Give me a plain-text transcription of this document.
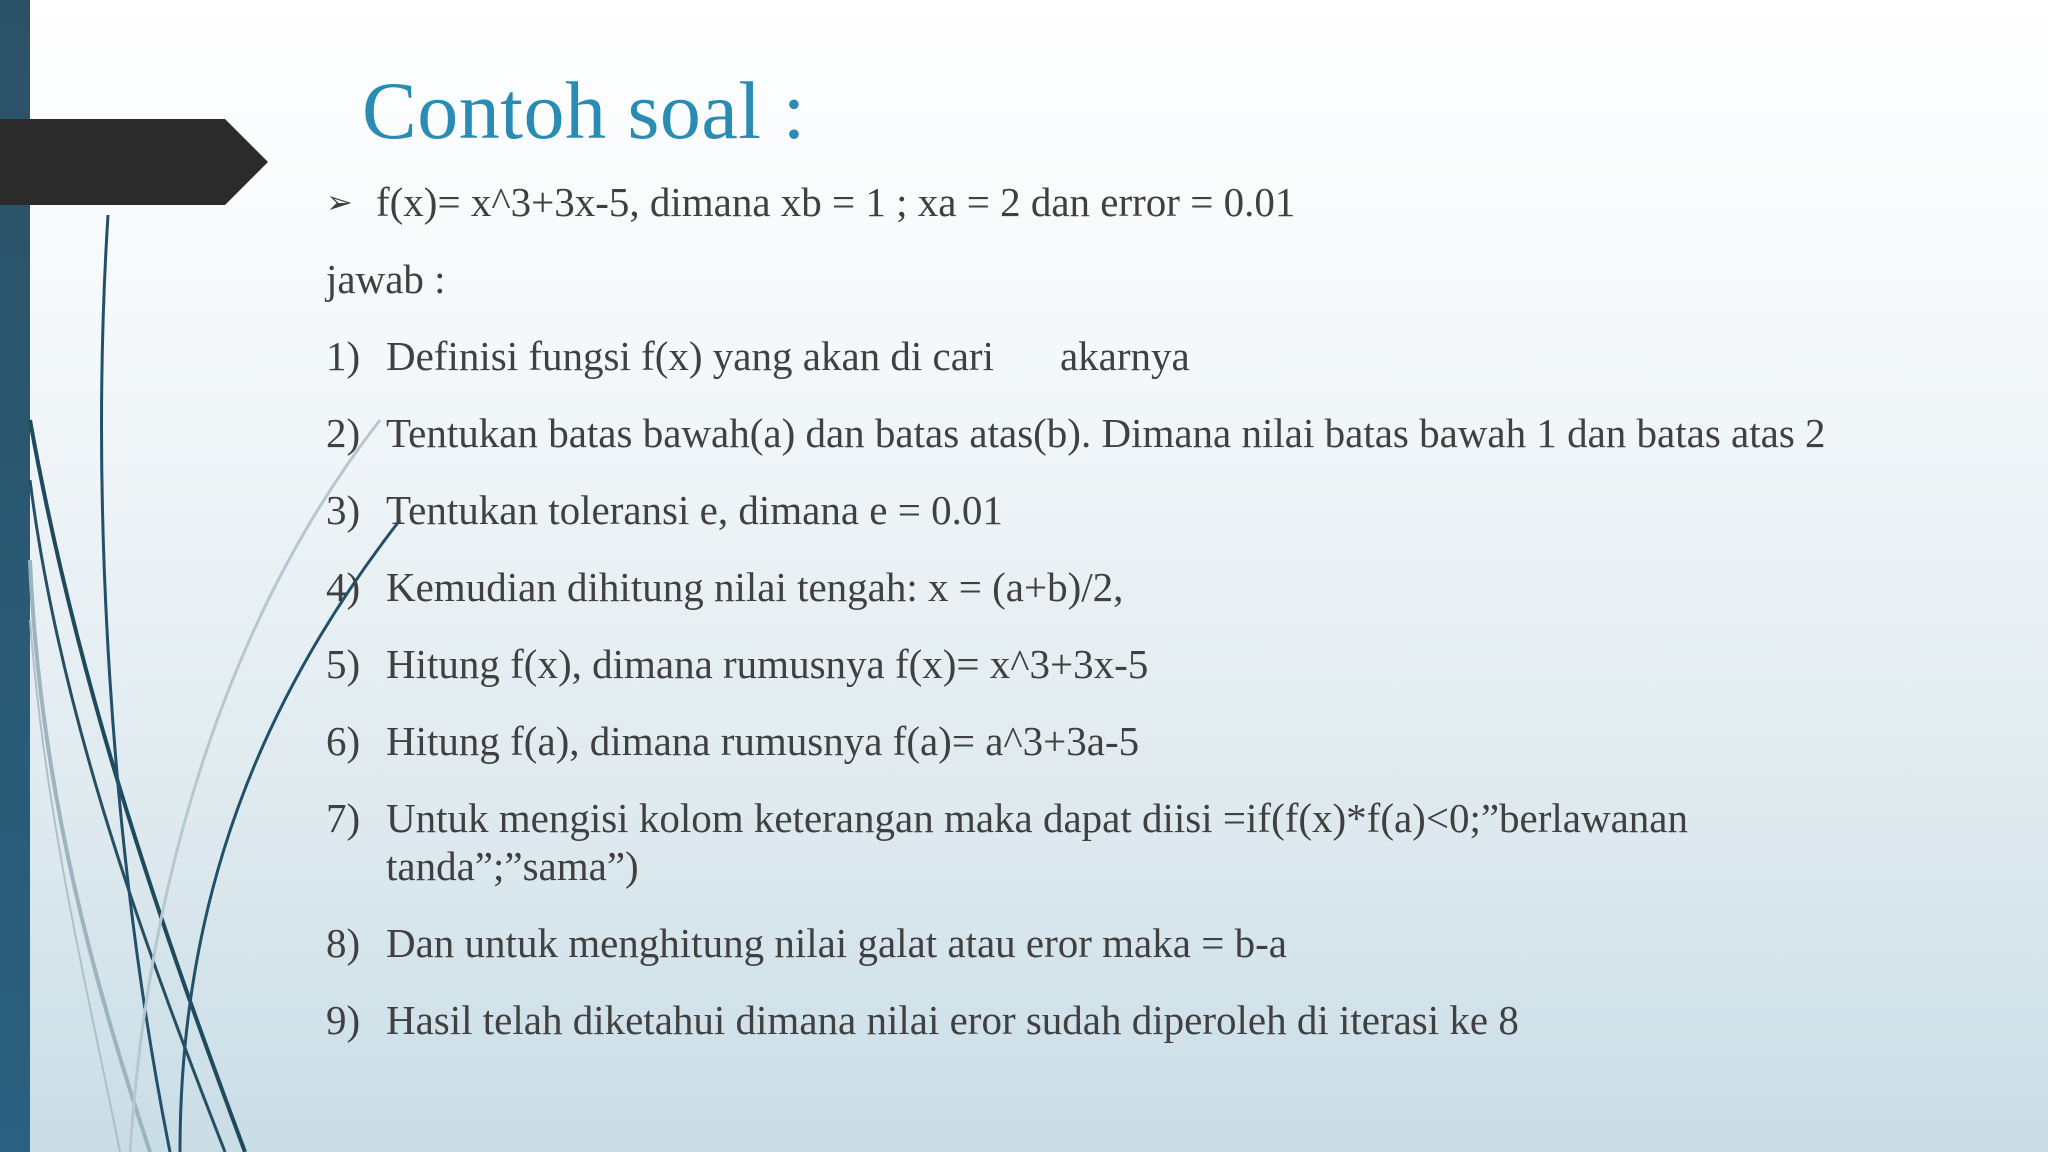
Contoh soal :
➢ f(x)= x^3+3x-5, dimana xb = 1 ; xa = 2 dan error = 0.01
jawab :
1) Definisi fungsi f(x) yang akan di cari akarnya
2) Tentukan batas bawah(a) dan batas atas(b). Dimana nilai batas bawah 1 dan batas atas 2
3) Tentukan toleransi e, dimana e = 0.01
4) Kemudian dihitung nilai tengah: x = (a+b)/2,
5) Hitung f(x), dimana rumusnya f(x)= x^3+3x-5
6) Hitung f(a), dimana rumusnya f(a)= a^3+3a-5
7) Untuk mengisi kolom keterangan maka dapat diisi =if(f(x)*f(a)<0;”berlawanan tanda”;”sama”)
8) Dan untuk menghitung nilai galat atau eror maka = b-a
9) Hasil telah diketahui dimana nilai eror sudah diperoleh di iterasi ke 8
